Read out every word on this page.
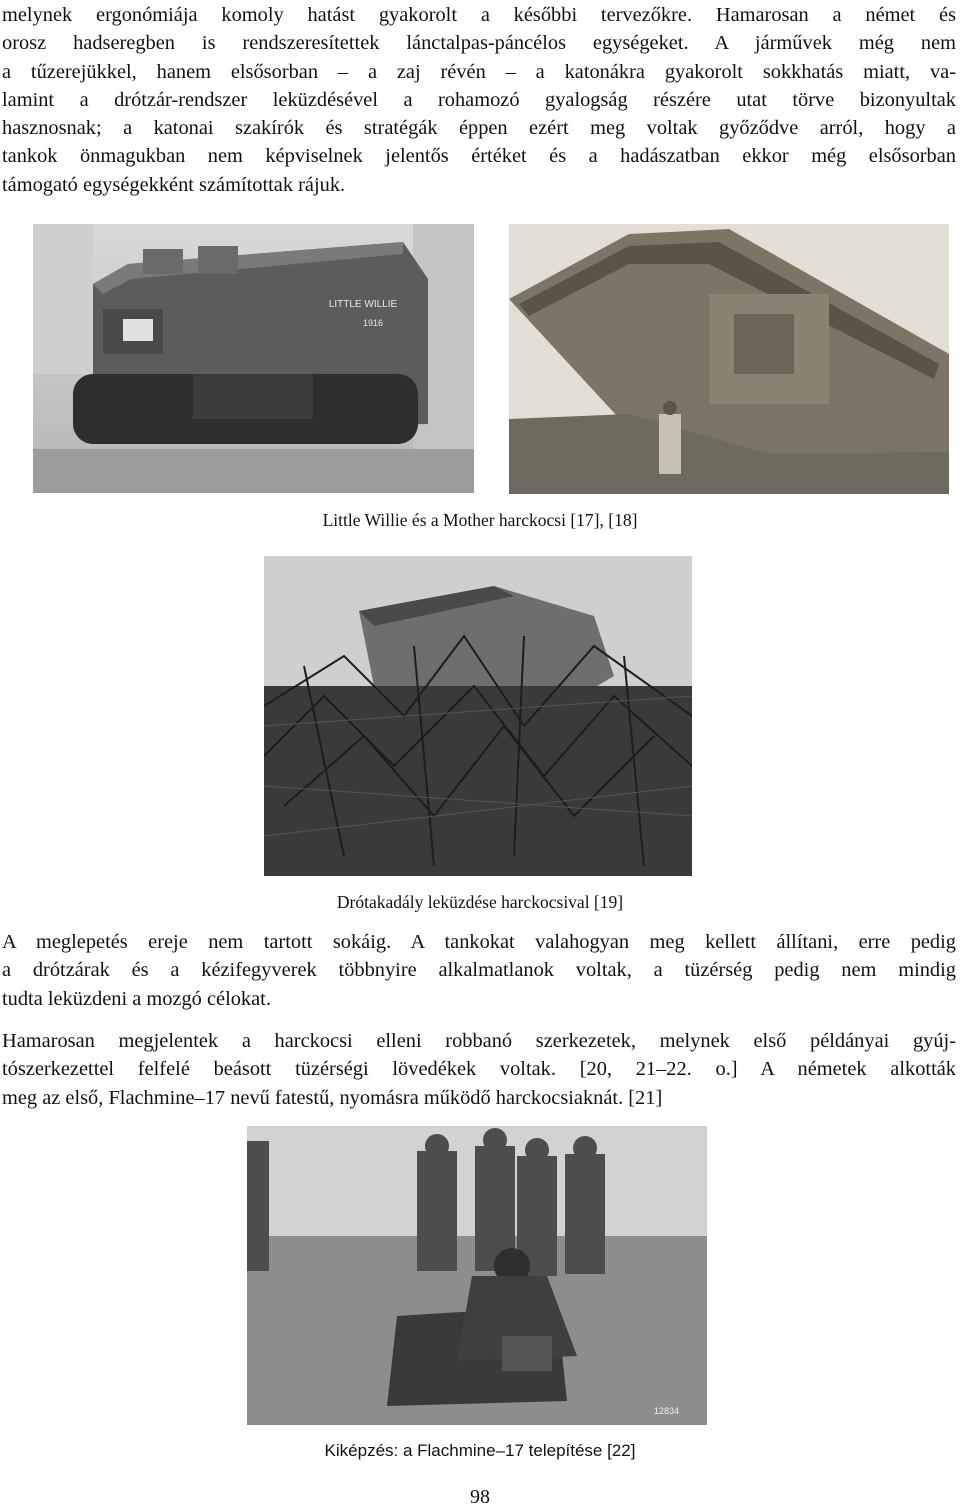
melynek ergonómiája komoly hatást gyakorolt a későbbi tervezőkre. Hamarosan a német és
orosz hadseregben is rendszeresítettek lánctalpas-páncélos egységeket. A járművek még nem
a tűzerejükkel, hanem elsősorban – a zaj révén – a katonákra gyakorolt sokkhatás miatt, va-
lamint a drótzár-rendszer leküzdésével a rohamozó gyalogság részére utat törve bizonyultak
hasznosnak; a katonai szakírók és stratégák éppen ezért meg voltak győződve arról, hogy a
tankok önmagukban nem képviselnek jelentős értéket és a hadászatban ekkor még elsősorban
támogató egységekként számítottak rájuk.
LITTLE WILLIE
1916

Little Willie és a Mother harckocsi [17], [18]

Drótakadály leküzdése harckocsival [19]

A meglepetés ereje nem tartott sokáig. A tankokat valahogyan meg kellett állítani, erre pedig
a drótzárak és a kézifegyverek többnyire alkalmatlanok voltak, a tüzérség pedig nem mindig
tudta leküzdeni a mozgó célokat.
Hamarosan megjelentek a harckocsi elleni robbanó szerkezetek, melynek első példányai gyúj-
tószerkezettel felfelé beásott tüzérségi lövedékek voltak. [20, 21–22. o.] A németek alkották
meg az első, Flachmine–17 nevű fatestű, nyomásra működő harckocsiaknát. [21]
12834

Kiképzés: a Flachmine–17 telepítése [22]

98
